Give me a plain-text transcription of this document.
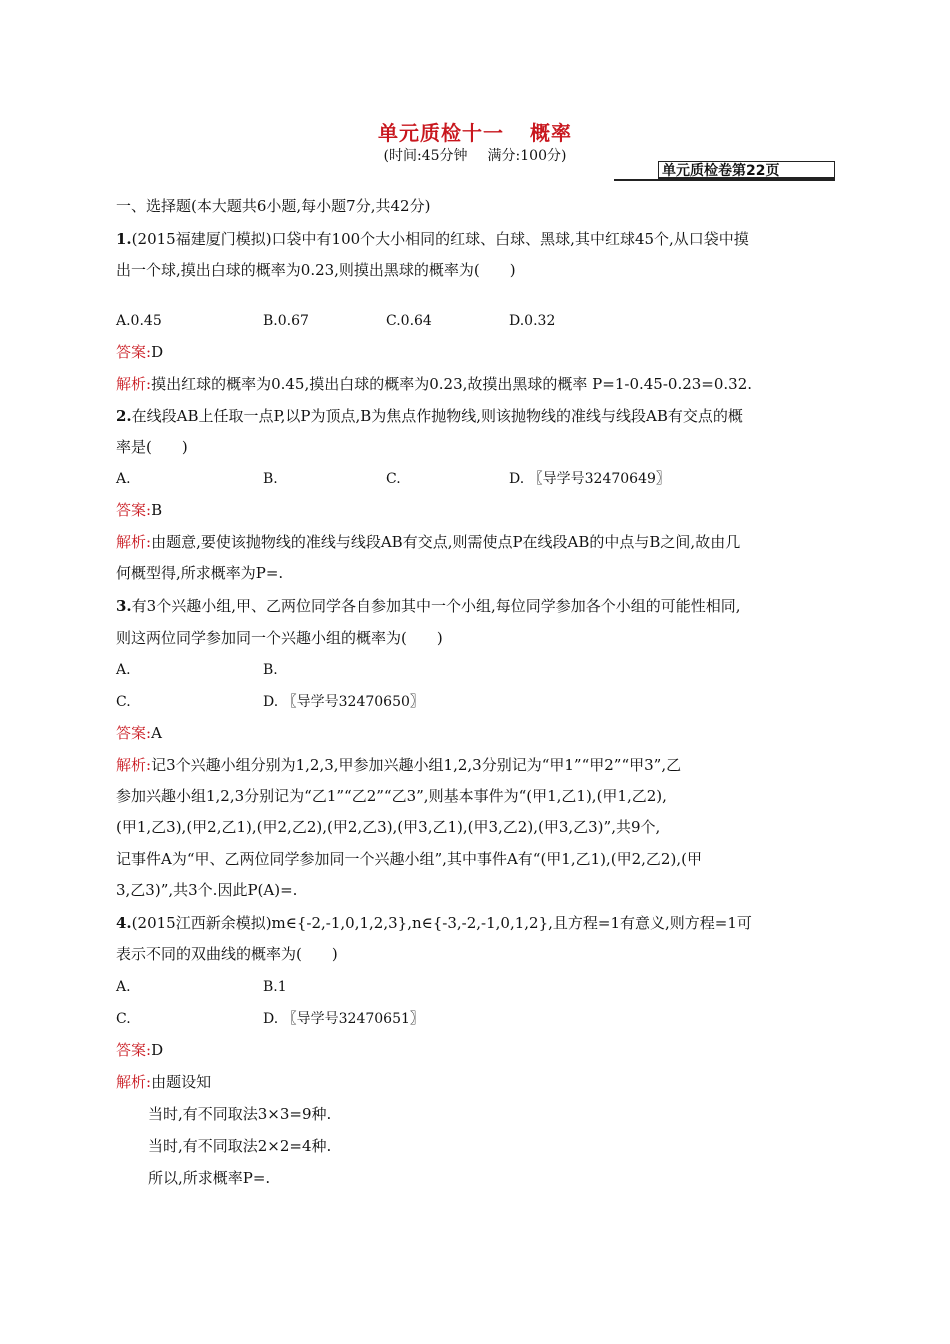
单元质检十一 概率
(时间:45分钟 满分:100分)
单元质检卷第22页
一、选择题(本大题共6小题,每小题7分,共42分)
1.(2015福建厦门模拟)口袋中有100个大小相同的红球、白球、黑球,其中红球45个,从口袋中摸
出一个球,摸出白球的概率为0.23,则摸出黑球的概率为(　　)
A.0.45	B.0.67	C.0.64	D.0.32
答案:D
解析:摸出红球的概率为0.45,摸出白球的概率为0.23,故摸出黑球的概率 P=1-0.45-0.23=0.32.
2.在线段AB上任取一点P,以P为顶点,B为焦点作抛物线,则该抛物线的准线与线段AB有交点的概
率是(　　)
A.	B.	C.	D. 〖导学号32470649〗
答案:B
解析:由题意,要使该抛物线的准线与线段AB有交点,则需使点P在线段AB的中点与B之间,故由几
何概型得,所求概率为P=.
3.有3个兴趣小组,甲、乙两位同学各自参加其中一个小组,每位同学参加各个小组的可能性相同,
则这两位同学参加同一个兴趣小组的概率为(　　)
A.	B.
C.	D. 〖导学号32470650〗
答案:A
解析:记3个兴趣小组分别为1,2,3,甲参加兴趣小组1,2,3分别记为“甲1”“甲2”“甲3”,乙
参加兴趣小组1,2,3分别记为“乙1”“乙2”“乙3”,则基本事件为“(甲1,乙1),(甲1,乙2),
(甲1,乙3),(甲2,乙1),(甲2,乙2),(甲2,乙3),(甲3,乙1),(甲3,乙2),(甲3,乙3)”,共9个,
记事件A为“甲、乙两位同学参加同一个兴趣小组”,其中事件A有“(甲1,乙1),(甲2,乙2),(甲
3,乙3)”,共3个.因此P(A)=.
4.(2015江西新余模拟)m∈{-2,-1,0,1,2,3},n∈{-3,-2,-1,0,1,2},且方程=1有意义,则方程=1可
表示不同的双曲线的概率为(　　)
A.	B.1
C.	D. 〖导学号32470651〗
答案:D
解析:由题设知
当时,有不同取法3×3=9种.
当时,有不同取法2×2=4种.
所以,所求概率P=.
